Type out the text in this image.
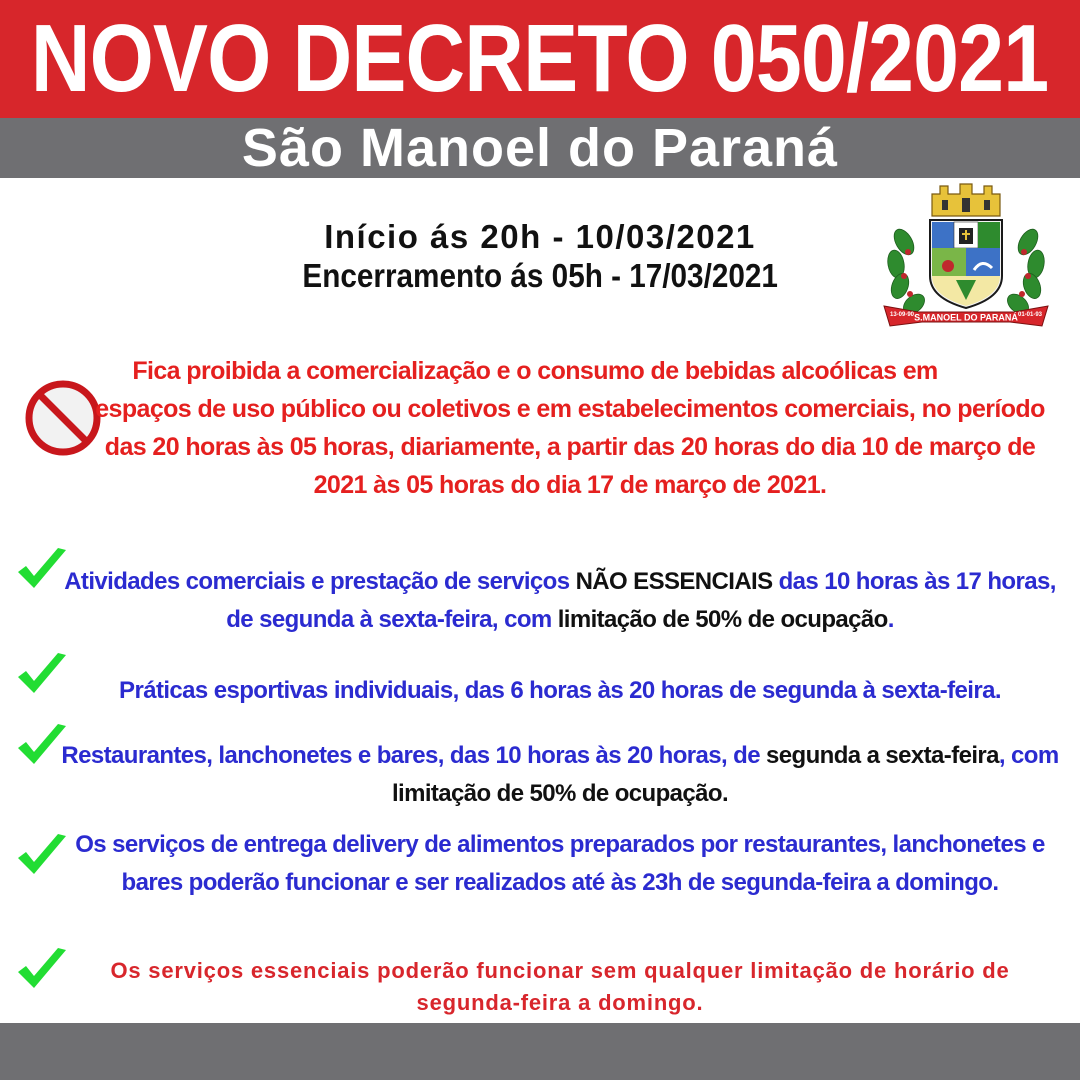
NOVO DECRETO 050/2021
São Manoel do Paraná
Início ás 20h - 10/03/2021
Encerramento ás 05h - 17/03/2021
S.MANOEL DO PARANÁ
13-09-90	01-01-93
Fica proibida a comercialização e o consumo de bebidas alcoólicas em
espaços de uso público ou coletivos e em estabelecimentos comerciais, no período das 20 horas às 05 horas, diariamente, a partir das 20 horas do dia 10 de março de 2021 às 05 horas do dia 17 de março de 2021.
Atividades comerciais e prestação de serviços NÃO ESSENCIAIS das 10 horas às 17 horas, de segunda à sexta-feira, com limitação de 50% de ocupação.
Práticas esportivas individuais, das 6 horas às 20 horas de segunda à sexta-feira.
Restaurantes, lanchonetes e bares, das 10 horas às 20 horas, de segunda a sexta-feira, com limitação de 50% de ocupação.
Os serviços de entrega delivery de alimentos preparados por restaurantes, lanchonetes e bares poderão funcionar e ser realizados até às 23h de segunda-feira a domingo.
Os serviços essenciais poderão funcionar sem qualquer limitação de horário de segunda-feira a domingo.
